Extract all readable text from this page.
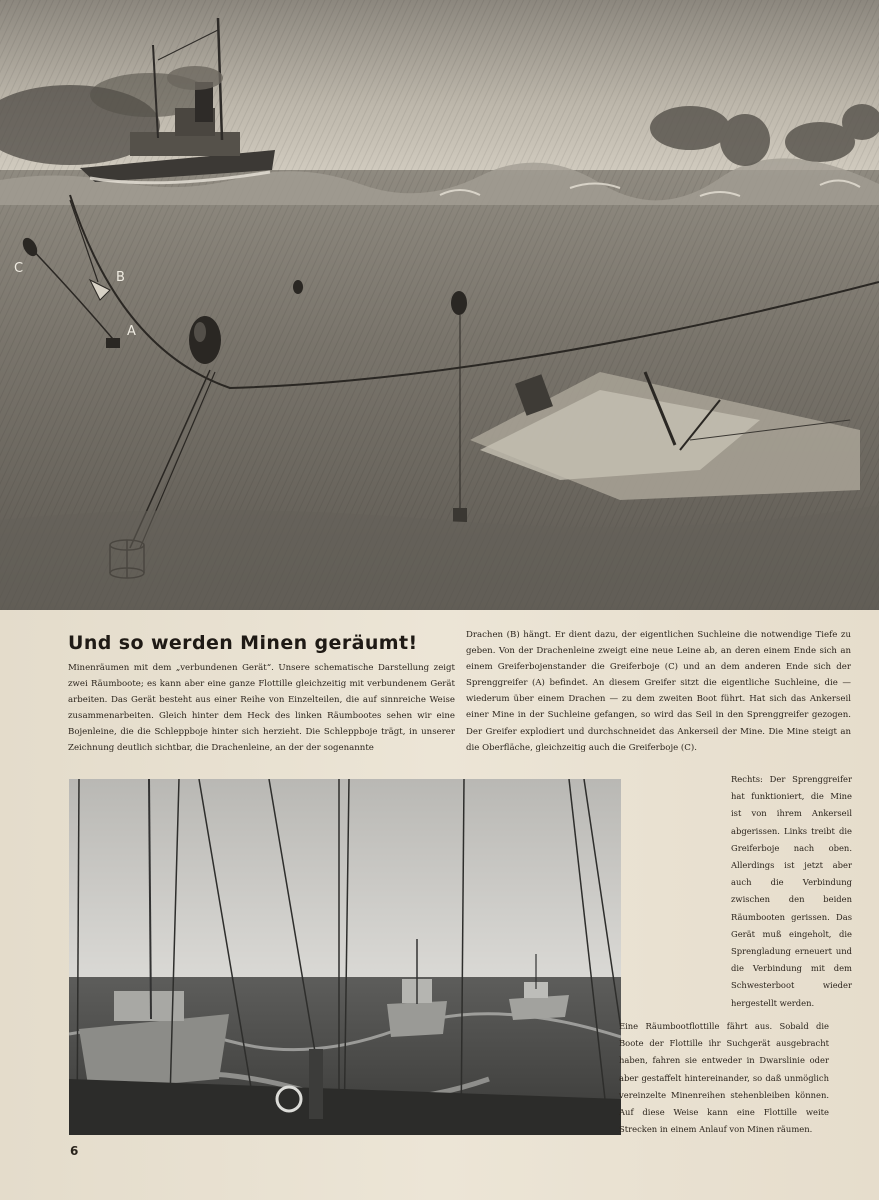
C
B
A
Und so werden Minen geräumt!

Minenräumen mit dem „verbundenen Gerät“. Unsere schematische Darstellung zeigt zwei Räumboote; es kann aber eine ganze Flottille gleichzeitig mit verbundenem Gerät arbeiten. Das Gerät besteht aus einer Reihe von Einzelteilen, die auf sinnreiche Weise zusammenarbeiten. Gleich hinter dem Heck des linken Räumbootes sehen wir eine Bojenleine, die die Schleppboje hinter sich herzieht. Die Schleppboje trägt, in unserer Zeichnung deutlich sichtbar, die Drachenleine, an der der sogenannte

Drachen (B) hängt. Er dient dazu, der eigentlichen Suchleine die notwendige Tiefe zu geben. Von der Drachenleine zweigt eine neue Leine ab, an deren einem Ende sich an einem Greiferbojenstander die Greiferboje (C) und an dem anderen Ende sich der Sprenggreifer (A) befindet. An diesem Greifer sitzt die eigentliche Suchleine, die — wiederum über einem Drachen — zu dem zweiten Boot führt. Hat sich das Ankerseil einer Mine in der Suchleine gefangen, so wird das Seil in den Sprenggreifer gezogen. Der Greifer explodiert und durchschneidet das Ankerseil der Mine. Die Mine steigt an die Oberfläche, gleichzeitig auch die Greiferboje (C).

Rechts: Der Sprenggreifer hat funktioniert, die Mine ist von ihrem Ankerseil abgerissen. Links treibt die Greiferboje nach oben. Allerdings ist jetzt aber auch die Verbindung zwischen den beiden Räumbooten gerissen. Das Gerät muß eingeholt, die Sprengladung erneuert und die Verbindung mit dem Schwesterboot wieder hergestellt werden.

Eine Räumbootflottille fährt aus. Sobald die Boote der Flottille ihr Suchgerät ausgebracht haben, fahren sie entweder in Dwarslinie oder aber gestaffelt hintereinander, so daß unmöglich vereinzelte Minenreihen stehenbleiben können. Auf diese Weise kann eine Flottille weite Strecken in einem Anlauf von Minen räumen.

6
